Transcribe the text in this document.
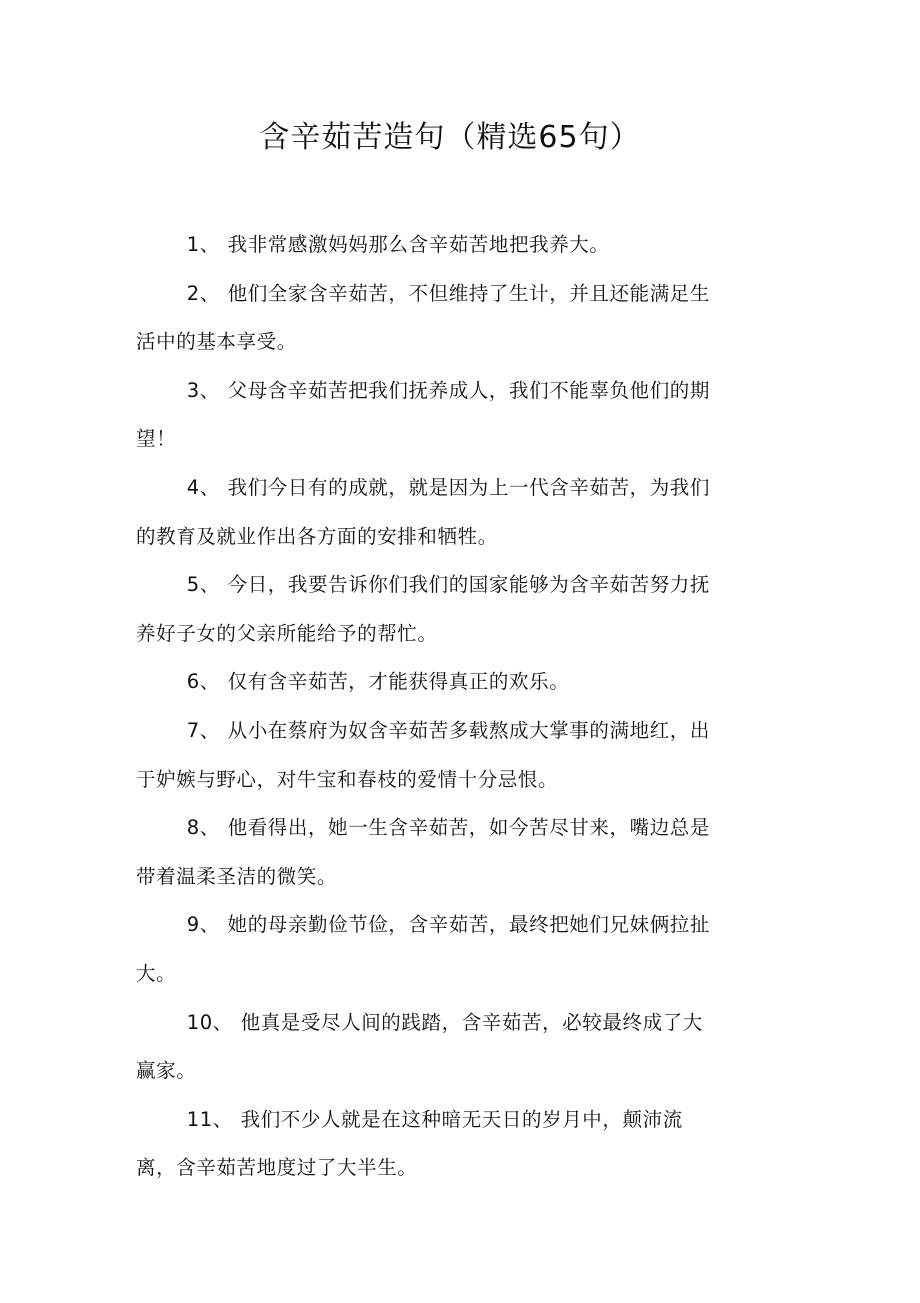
含辛茹苦造句（精选65句）

1、 我非常感激妈妈那么含辛茹苦地把我养大。

2、 他们全家含辛茹苦，不但维持了生计，并且还能满足生活中的基本享受。

3、 父母含辛茹苦把我们抚养成人，我们不能辜负他们的期望！

4、 我们今日有的成就，就是因为上一代含辛茹苦，为我们的教育及就业作出各方面的安排和牺牲。

5、 今日，我要告诉你们我们的国家能够为含辛茹苦努力抚养好子女的父亲所能给予的帮忙。

6、 仅有含辛茹苦，才能获得真正的欢乐。

7、 从小在蔡府为奴含辛茹苦多载熬成大掌事的满地红，出于妒嫉与野心，对牛宝和春枝的爱情十分忌恨。

8、 他看得出，她一生含辛茹苦，如今苦尽甘来，嘴边总是带着温柔圣洁的微笑。

9、 她的母亲勤俭节俭，含辛茹苦，最终把她们兄妹俩拉扯大。

10、 他真是受尽人间的践踏，含辛茹苦，必较最终成了大赢家。

11、 我们不少人就是在这种暗无天日的岁月中，颠沛流离，含辛茹苦地度过了大半生。
